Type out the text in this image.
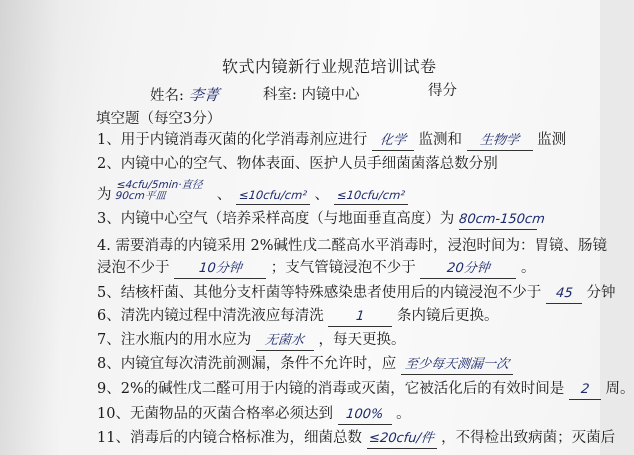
软式内镜新行业规范培训试卷
姓名: 李菁	科室: 内镜中心	得分
填空题（每空3分）
1、用于内镜消毒灭菌的化学消毒剂应进行 化学 监测和 生物学 监测
2、内镜中心的空气、物体表面、医护人员手细菌菌落总数分别
为 ≤4cfu/5min·直径90cm平皿	、 ≤10cfu/cm² 、 ≤10cfu/cm²
3、内镜中心空气（培养采样高度（与地面垂直高度）为 80cm-150cm
4. 需要消毒的内镜采用 2%碱性戊二醛高水平消毒时，浸泡时间为：胃镜、肠镜
浸泡不少于 10分钟 ；支气管镜浸泡不少于 20分钟 。
5、结核杆菌、其他分支杆菌等特殊感染患者使用后的内镜浸泡不少于 45 分钟
6、清洗内镜过程中清洗液应每清洗 1 条内镜后更换。
7、注水瓶内的用水应为 无菌水 ，每天更换。
8、内镜宜每次清洗前测漏，条件不允许时，应 至少每天测漏一次
9、2%的碱性戊二醛可用于内镜的消毒或灭菌，它被活化后的有效时间是 2 周。
10、无菌物品的灭菌合格率必须达到 100% 。
11、消毒后的内镜合格标准为，细菌总数 ≤20cfu/件 ，不得检出致病菌；灭菌后
